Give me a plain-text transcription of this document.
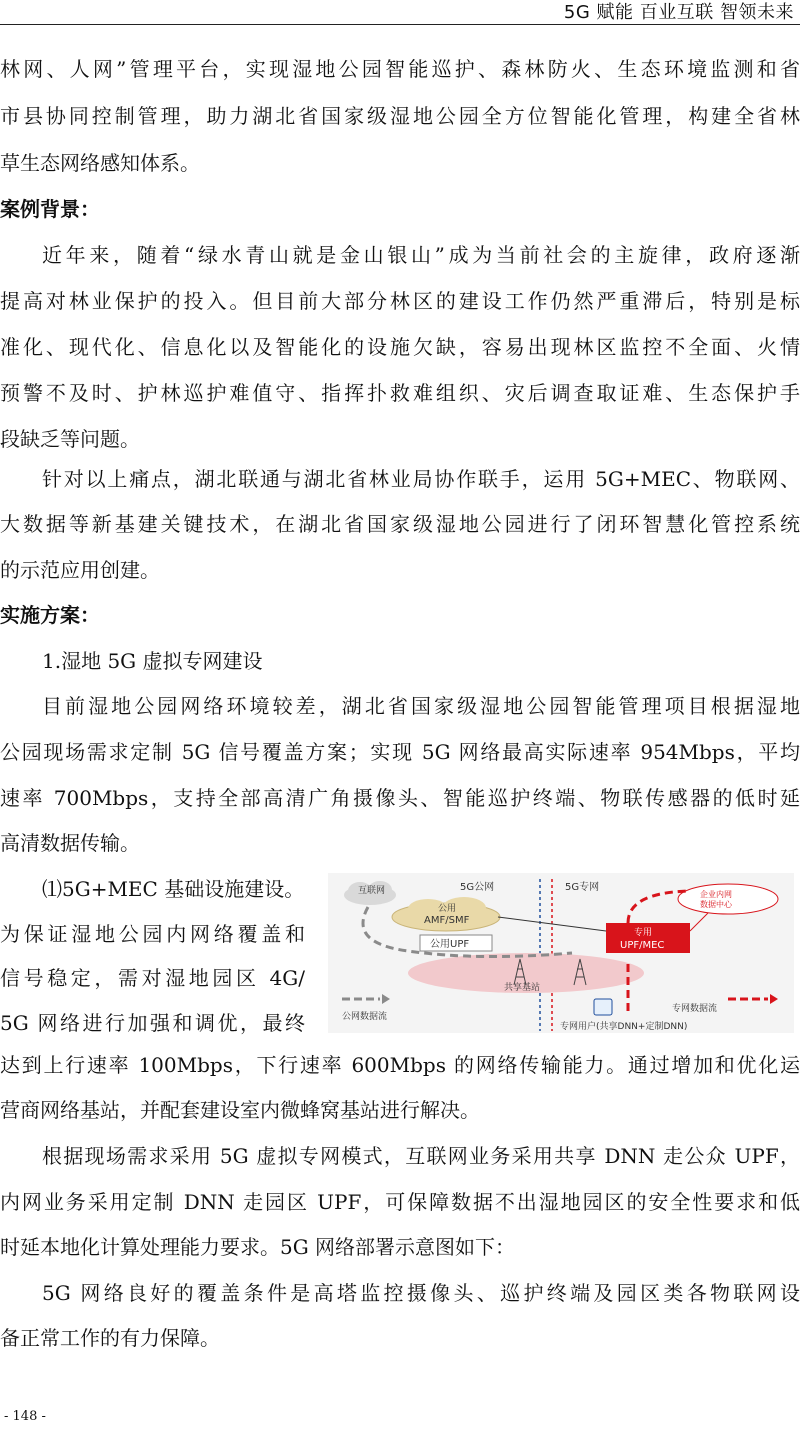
5G 赋能 百业互联 智领未来
林网、人网”管理平台，实现湿地公园智能巡护、森林防火、生态环境监测和省
市县协同控制管理，助力湖北省国家级湿地公园全方位智能化管理，构建全省林
草生态网络感知体系。
案例背景：
近年来，随着“绿水青山就是金山银山”成为当前社会的主旋律，政府逐渐
提高对林业保护的投入。但目前大部分林区的建设工作仍然严重滞后，特别是标
准化、现代化、信息化以及智能化的设施欠缺，容易出现林区监控不全面、火情
预警不及时、护林巡护难值守、指挥扑救难组织、灾后调查取证难、生态保护手
段缺乏等问题。
针对以上痛点，湖北联通与湖北省林业局协作联手，运用 5G+MEC、物联网、
大数据等新基建关键技术，在湖北省国家级湿地公园进行了闭环智慧化管控系统
的示范应用创建。
实施方案：
1.湿地 5G 虚拟专网建设
目前湿地公园网络环境较差，湖北省国家级湿地公园智能管理项目根据湿地
公园现场需求定制 5G 信号覆盖方案；实现 5G 网络最高实际速率 954Mbps，平均
速率 700Mbps，支持全部高清广角摄像头、智能巡护终端、物联传感器的低时延
高清数据传输。
⑴5G+MEC 基础设施建设。
为保证湿地公园内网络覆盖和
信号稳定，需对湿地园区 4G/
5G 网络进行加强和调优，最终
互联网	5G公网	5G专网
公用
AMF/SMF
企业内网
数据中心
公用UPF
专用
UPF/MEC
共享基站
公网数据流
专网数据流
专网用户(共享DNN+定制DNN)
达到上行速率 100Mbps，下行速率 600Mbps 的网络传输能力。通过增加和优化运
营商网络基站，并配套建设室内微蜂窝基站进行解决。
根据现场需求采用 5G 虚拟专网模式，互联网业务采用共享 DNN 走公众 UPF，
内网业务采用定制 DNN 走园区 UPF，可保障数据不出湿地园区的安全性要求和低
时延本地化计算处理能力要求。5G 网络部署示意图如下：
5G 网络良好的覆盖条件是高塔监控摄像头、巡护终端及园区类各物联网设
备正常工作的有力保障。
- 148 -
